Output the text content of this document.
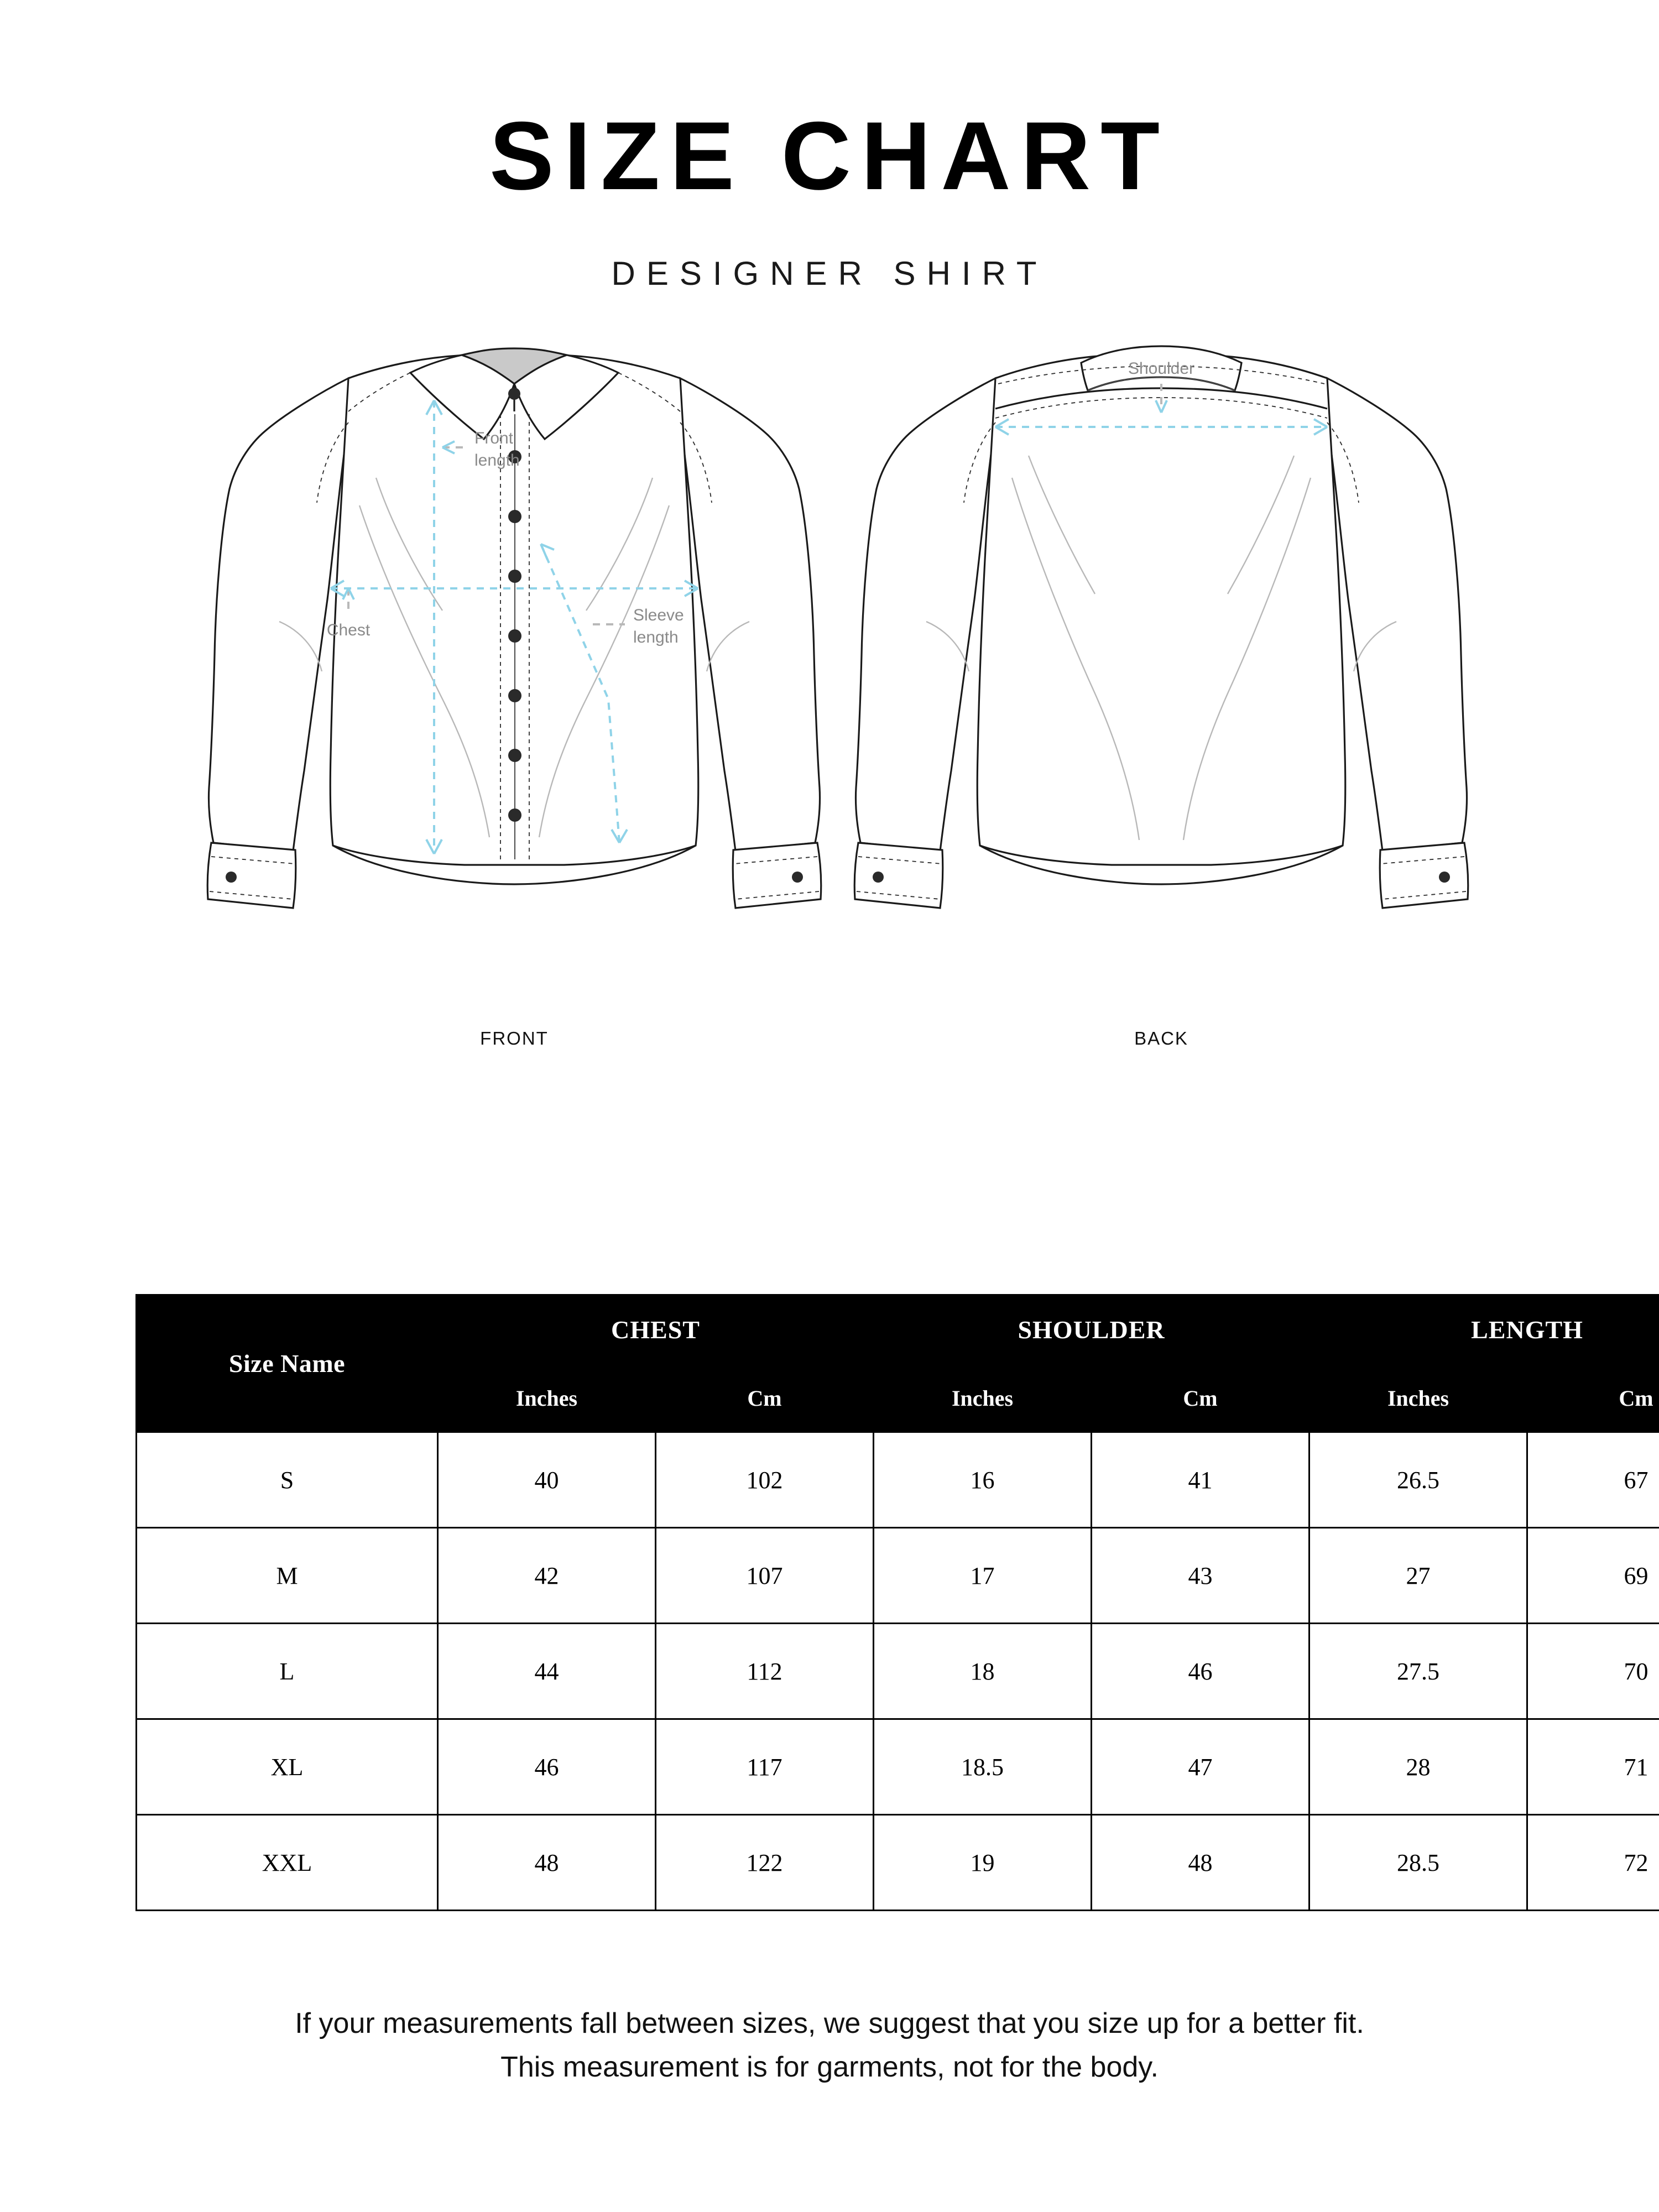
SIZE CHART
DESIGNER SHIRT
Chest
Front
length
Sleeve
length
FRONT
Shoulder
BACK
Size Name	CHEST		SHOULDER		LENGTH	
	Inches	Cm	Inches	Cm	Inches	Cm
S	40	102	16	41	26.5	67
M	42	107	17	43	27	69
L	44	112	18	46	27.5	70
XL	46	117	18.5	47	28	71
XXL	48	122	19	48	28.5	72
If your measurements fall between sizes, we suggest that you size up for a better fit.
This measurement is for garments, not for the body.
